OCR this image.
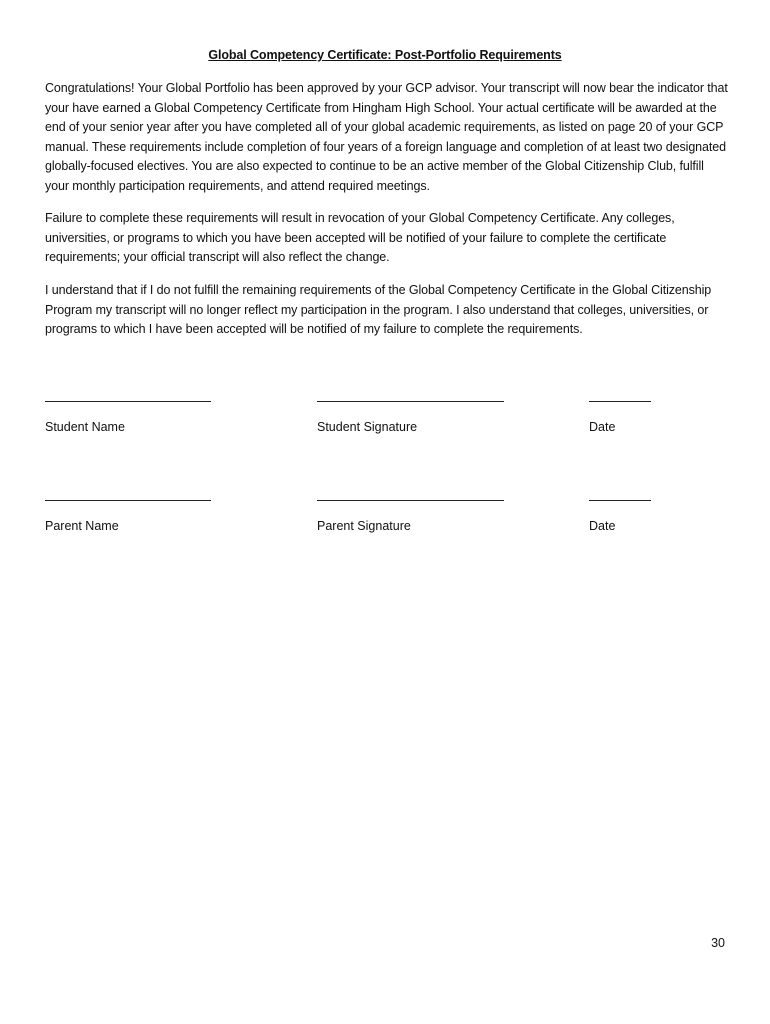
Global Competency Certificate: Post-Portfolio Requirements

Congratulations! Your Global Portfolio has been approved by your GCP advisor. Your transcript will now bear the indicator that your have earned a Global Competency Certificate from Hingham High School. Your actual certificate will be awarded at the end of your senior year after you have completed all of your global academic requirements, as listed on page 20 of your GCP manual. These requirements include completion of four years of a foreign language and completion of at least two designated globally-focused electives. You are also expected to continue to be an active member of the Global Citizenship Club, fulfill your monthly participation requirements, and attend required meetings.

Failure to complete these requirements will result in revocation of your Global Competency Certificate. Any colleges, universities, or programs to which you have been accepted will be notified of your failure to complete the certificate requirements; your official transcript will also reflect the change.

I understand that if I do not fulfill the remaining requirements of the Global Competency Certificate in the Global Citizenship Program my transcript will no longer reflect my participation in the program. I also understand that colleges, universities, or programs to which I have been accepted will be notified of my failure to complete the requirements.

Student Name	Student Signature	Date
Parent Name	Parent Signature	Date
30
